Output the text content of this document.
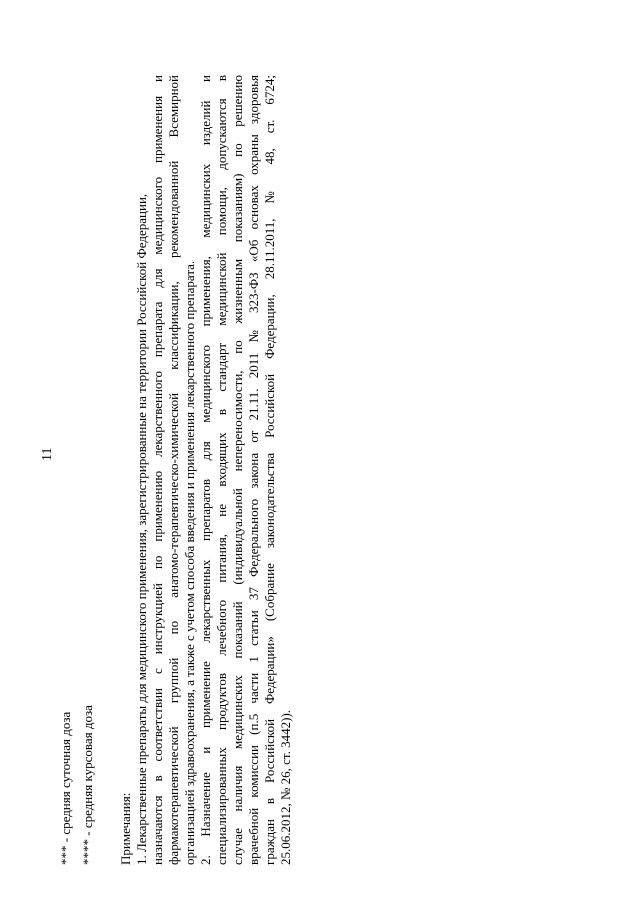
11
*** - средняя суточная доза **** - средняя курсовая доза Примечания: 1. Лекарственные препараты для медицинского применения, зарегистрированные на территории Российской Федерации, назначаются в соответствии с инструкцией по применению лекарственного препарата для медицинского применения и фармакотерапевтической группой по анатомо-терапевтическо-химической классификации, рекомендованной Всемирной организацией здравоохранения, а также с учетом способа введения и применения лекарственного препарата. 2. Назначение и применение лекарственных препаратов для медицинского применения, медицинских изделий и специализированных продуктов лечебного питания, не входящих в стандарт медицинской помощи, допускаются в случае наличия медицинских показаний (индивидуальной непереносимости, по жизненным показаниям) по решению врачебной комиссии (п.5 части 1 статьи 37 Федерального закона от 21.11. 2011 № 323-ФЗ «Об основах охраны здоровья граждан в Российской Федерации» (Собрание законодательства Российской Федерации, 28.11.2011, № 48, ст. 6724; 25.06.2012, № 26, ст. 3442)).
